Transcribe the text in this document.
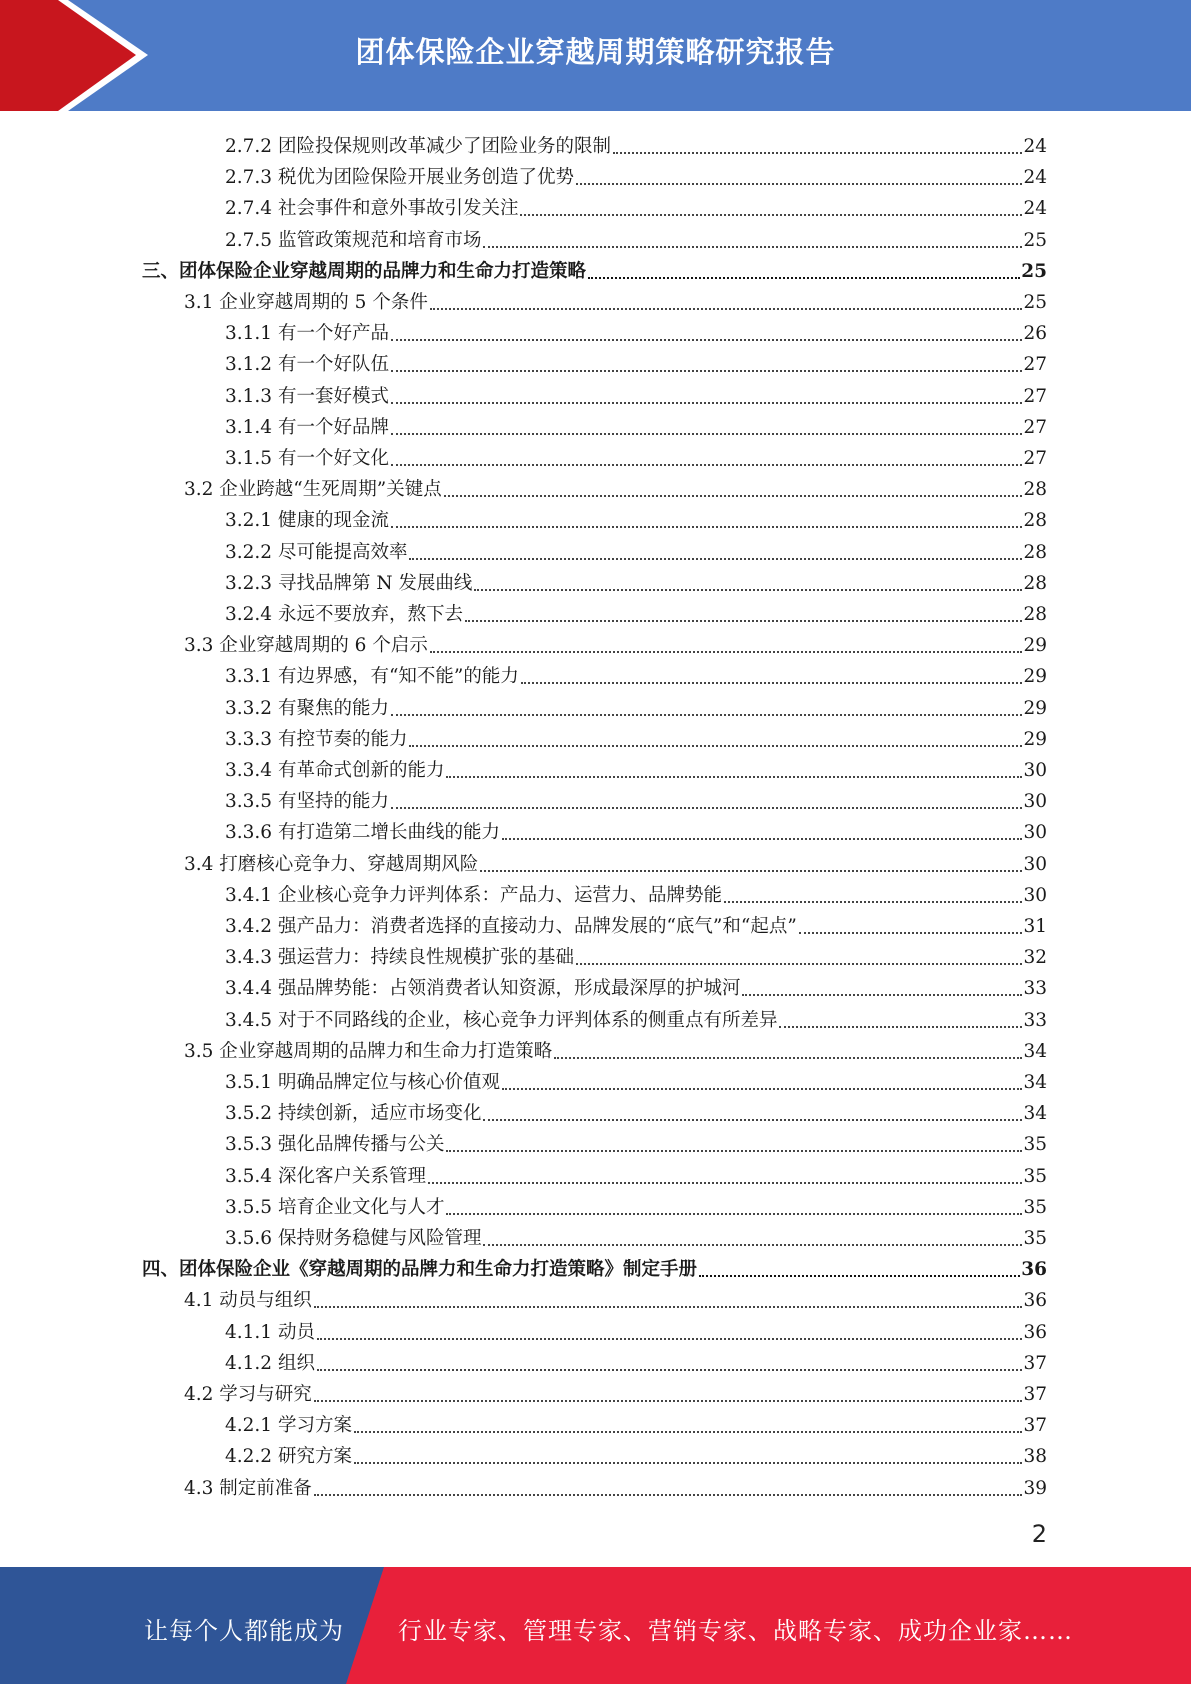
团体保险企业穿越周期策略研究报告
2.7.2 团险投保规则改革减少了团险业务的限制	24
2.7.3 税优为团险保险开展业务创造了优势	24
2.7.4 社会事件和意外事故引发关注	24
2.7.5 监管政策规范和培育市场	25
三、团体保险企业穿越周期的品牌力和生命力打造策略	25
3.1 企业穿越周期的 5 个条件	25
3.1.1 有一个好产品	26
3.1.2 有一个好队伍	27
3.1.3 有一套好模式	27
3.1.4 有一个好品牌	27
3.1.5 有一个好文化	27
3.2 企业跨越“生死周期”关键点	28
3.2.1 健康的现金流	28
3.2.2 尽可能提高效率	28
3.2.3 寻找品牌第 N 发展曲线	28
3.2.4 永远不要放弃，熬下去	28
3.3 企业穿越周期的 6 个启示	29
3.3.1 有边界感，有“知不能”的能力	29
3.3.2 有聚焦的能力	29
3.3.3 有控节奏的能力	29
3.3.4 有革命式创新的能力	30
3.3.5 有坚持的能力	30
3.3.6 有打造第二增长曲线的能力	30
3.4 打磨核心竞争力、穿越周期风险	30
3.4.1 企业核心竞争力评判体系：产品力、运营力、品牌势能	30
3.4.2 强产品力：消费者选择的直接动力、品牌发展的“底气”和“起点”	31
3.4.3 强运营力：持续良性规模扩张的基础	32
3.4.4 强品牌势能：占领消费者认知资源，形成最深厚的护城河	33
3.4.5 对于不同路线的企业，核心竞争力评判体系的侧重点有所差异	33
3.5 企业穿越周期的品牌力和生命力打造策略	34
3.5.1 明确品牌定位与核心价值观	34
3.5.2 持续创新，适应市场变化	34
3.5.3 强化品牌传播与公关	35
3.5.4 深化客户关系管理	35
3.5.5 培育企业文化与人才	35
3.5.6 保持财务稳健与风险管理	35
四、团体保险企业《穿越周期的品牌力和生命力打造策略》制定手册	36
4.1 动员与组织	36
4.1.1 动员	36
4.1.2 组织	37
4.2 学习与研究	37
4.2.1 学习方案	37
4.2.2 研究方案	38
4.3 制定前准备	39
2
让每个人都能成为 行业专家、管理专家、营销专家、战略专家、成功企业家……
